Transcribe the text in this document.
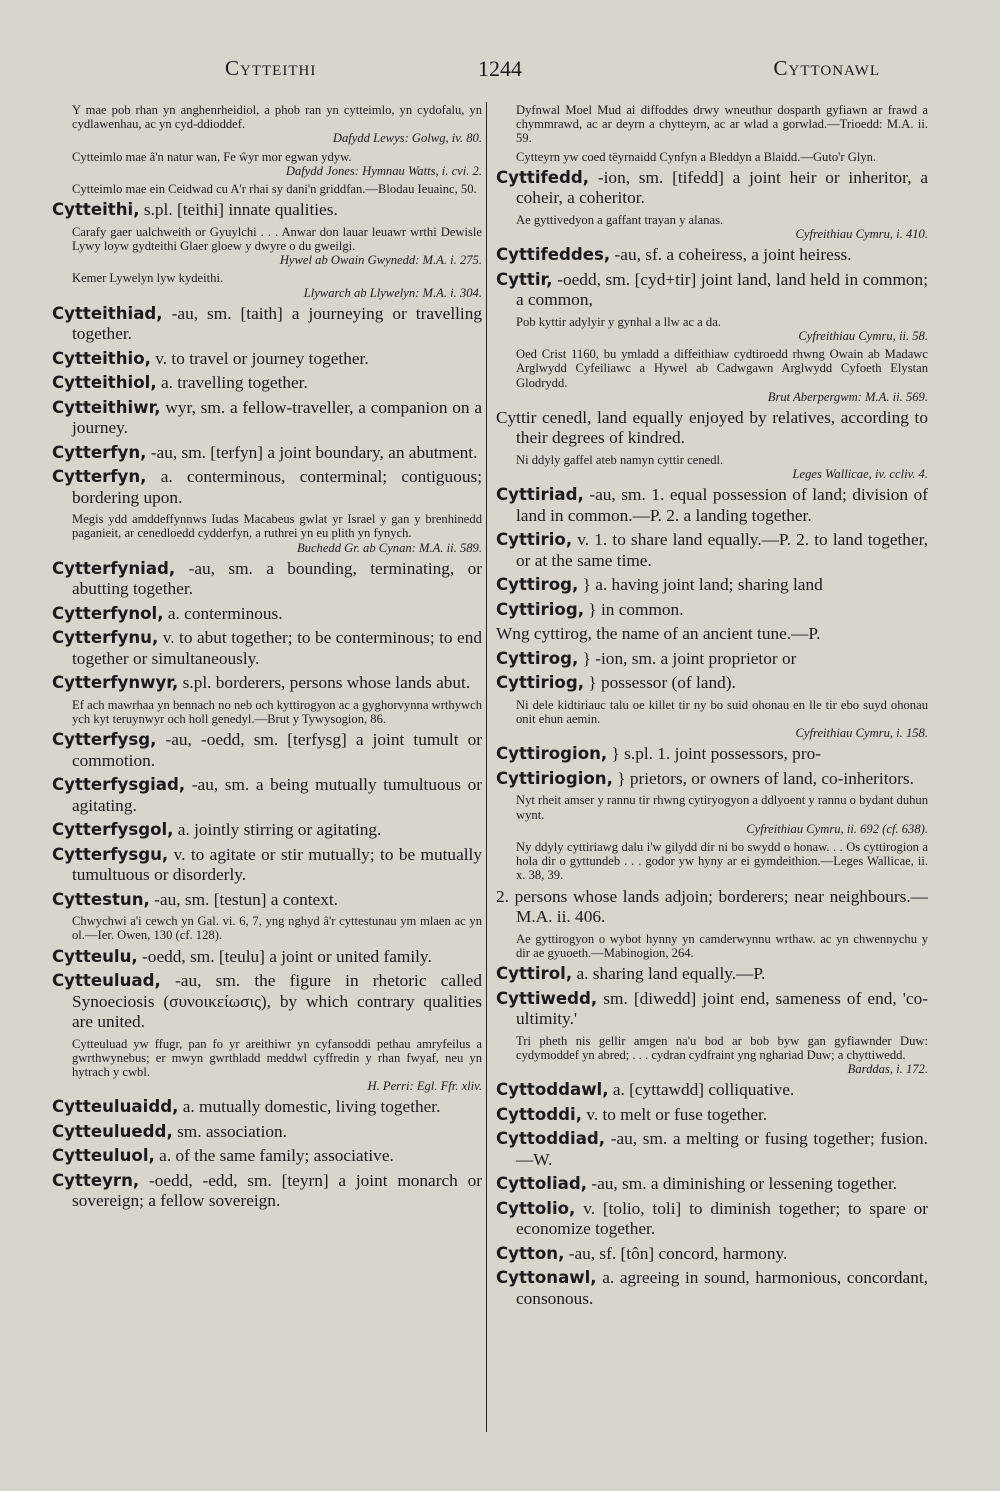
Cytteithi	1244	Cyttonawl
Y mae pob rhan yn anghenrheidiol, a phob ran yn cytteimlo, yn cydofalu, yn cydlawenhau, ac yn cyd-ddioddef.
Dafydd Lewys: Golwg, iv. 80.
Cytteimlo mae â'n natur wan, Fe ŵyr mor egwan ydyw.
Dafydd Jones: Hymnau Watts, i. cvi. 2.
Cytteimlo mae ein Ceidwad cu A'r rhai sy dani'n griddfan.—Blodau Ieuainc, 50.
Cytteithi, s.pl. [teithi] innate qualities.
Carafy gaer ualchweith or Gyuylchi . . . Anwar don lauar leuawr wrthi Dewisle Lywy loyw gydteithi Glaer gloew y dwyre o du gweilgi.
Hywel ab Owain Gwynedd: M.A. i. 275.
Kemer Lywelyn lyw kydeithi.
Llywarch ab Llywelyn: M.A. i. 304.
Cytteithiad, -au, sm. [taith] a journeying or travelling together.
Cytteithio, v. to travel or journey together.
Cytteithiol, a. travelling together.
Cytteithiwr, wyr, sm. a fellow-traveller, a companion on a journey.
Cytterfyn, -au, sm. [terfyn] a joint boundary, an abutment.
Cytterfyn, a. conterminous, conterminal; contiguous; bordering upon.
Megis ydd amddeffynnws Iudas Macabeus gwlat yr Israel y gan y brenhinedd paganieit, ar cenedloedd cydderfyn, a ruthrei yn eu plith yn fynych.
Buchedd Gr. ab Cynan: M.A. ii. 589.
Cytterfyniad, -au, sm. a bounding, terminating, or abutting together.
Cytterfynol, a. conterminous.
Cytterfynu, v. to abut together; to be conterminous; to end together or simultaneously.
Cytterfynwyr, s.pl. borderers, persons whose lands abut.
Ef ach mawrhaa yn bennach no neb och kyttirogyon ac a gyghorvynna wrthywch ych kyt teruynwyr och holl genedyl.—Brut y Tywysogion, 86.
Cytterfysg, -au, -oedd, sm. [terfysg] a joint tumult or commotion.
Cytterfysgiad, -au, sm. a being mutually tumultuous or agitating.
Cytterfysgol, a. jointly stirring or agitating.
Cytterfysgu, v. to agitate or stir mutually; to be mutually tumultuous or disorderly.
Cyttestun, -au, sm. [testun] a context.
Chwychwi a'i cewch yn Gal. vi. 6, 7, yng nghyd â'r cyttestunau ym mlaen ac yn ol.—Ier. Owen, 130 (cf. 128).
Cytteulu, -oedd, sm. [teulu] a joint or united family.
Cytteuluad, -au, sm. the figure in rhetoric called Synoeciosis (συνοικείωσις), by which contrary qualities are united.
Cytteuluad yw ffugr, pan fo yr areithiwr yn cyfansoddi pethau amryfeilus a gwrthwynebus; er mwyn gwrthladd meddwl cyffredin y rhan fwyaf, neu yn hytrach y cwbl.
H. Perri: Egl. Ffr. xliv.
Cytteuluaidd, a. mutually domestic, living together.
Cytteuluedd, sm. association.
Cytteuluol, a. of the same family; associative.
Cytteyrn, -oedd, -edd, sm. [teyrn] a joint monarch or sovereign; a fellow sovereign.
Dyfnwal Moel Mud ai diffoddes drwy wneuthur dosparth gyfiawn ar frawd a chymmrawd, ac ar deyrn a chytteyrn, ac ar wlad a gorwlad.—Trioedd: M.A. ii. 59.
Cytteyrn yw coed tëyrnaidd Cynfyn a Bleddyn a Blaidd.—Guto'r Glyn.
Cyttifedd, -ion, sm. [tifedd] a joint heir or inheritor, a coheir, a coheritor.
Ae gyttivedyon a gaffant trayan y alanas.
Cyfreithiau Cymru, i. 410.
Cyttifeddes, -au, sf. a coheiress, a joint heiress.
Cyttir, -oedd, sm. [cyd+tir] joint land, land held in common; a common,
Pob kyttir adylyir y gynhal a llw ac a da.
Cyfreithiau Cymru, ii. 58.
Oed Crist 1160, bu ymladd a diffeithiaw cydtiroedd rhwng Owain ab Madawc Arglwydd Cyfeiliawc a Hywel ab Cadwgawn Arglwydd Cyfoeth Elystan Glodrydd.
Brut Aberpergwm: M.A. ii. 569.
Cyttir cenedl, land equally enjoyed by relatives, according to their degrees of kindred.
Ni ddyly gaffel ateb namyn cyttir cenedl.
Leges Wallicae, iv. ccliv. 4.
Cyttiriad, -au, sm. 1. equal possession of land; division of land in common.—P. 2. a landing together.
Cyttirio, v. 1. to share land equally.—P. 2. to land together, or at the same time.
Cyttirog, } a. having joint land; sharing land
Cyttiriog, } in common.
Wng cyttirog, the name of an ancient tune.—P.
Cyttirog, } -ion, sm. a joint proprietor or
Cyttiriog, } possessor (of land).
Ni dele kidtiriauc talu oe killet tir ny bo suid ohonau en lle tir ebo suyd ohonau onit ehun aemin.
Cyfreithiau Cymru, i. 158.
Cyttirogion, } s.pl. 1. joint possessors, pro-
Cyttiriogion, } prietors, or owners of land, co-inheritors.
Nyt rheit amser y rannu tir rhwng cytiryogyon a ddlyoent y rannu o bydant duhun wynt.
Cyfreithiau Cymru, ii. 692 (cf. 638).
Ny ddyly cyttiriawg dalu i'w gilydd dir ni bo swydd o honaw. . . Os cyttirogion a hola dir o gyttundeb . . . godor yw hyny ar ei gymdeithion.—Leges Wallicae, ii. x. 38, 39.
2. persons whose lands adjoin; borderers; near neighbours.—M.A. ii. 406.
Ae gyttirogyon o wybot hynny yn camderwynnu wrthaw. ac yn chwennychu y dir ae gyuoeth.—Mabinogion, 264.
Cyttirol, a. sharing land equally.—P.
Cyttiwedd, sm. [diwedd] joint end, sameness of end, 'co-ultimity.'
Tri pheth nis gellir amgen na'u bod ar bob byw gan gyfiawnder Duw: cydymoddef yn abred; . . . cydran cydfraint yng nghariad Duw; a chyttiwedd.
Barddas, i. 172.
Cyttoddawl, a. [cyttawdd] colliquative.
Cyttoddi, v. to melt or fuse together.
Cyttoddiad, -au, sm. a melting or fusing together; fusion.—W.
Cyttoliad, -au, sm. a diminishing or lessening together.
Cyttolio, v. [tolio, toli] to diminish together; to spare or economize together.
Cytton, -au, sf. [tôn] concord, harmony.
Cyttonawl, a. agreeing in sound, harmonious, concordant, consonous.
